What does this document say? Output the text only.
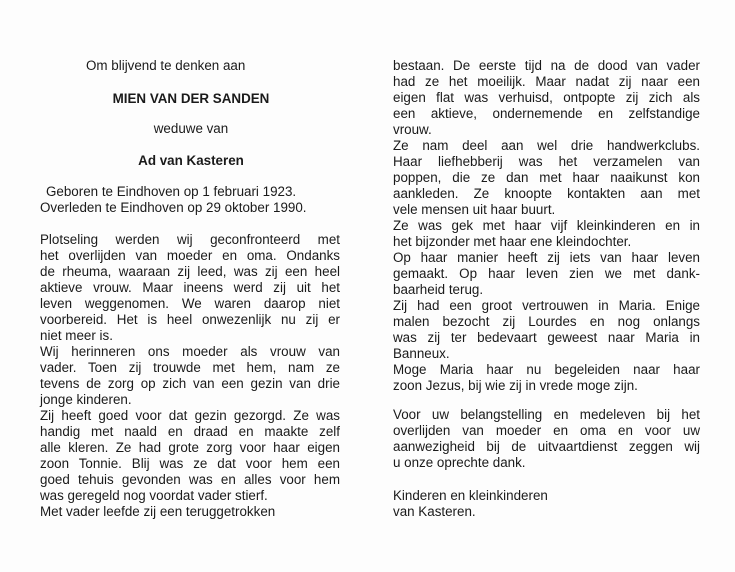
Om blijvend te denken aan
MIEN VAN DER SANDEN
weduwe van
Ad van Kasteren
Geboren te Eindhoven op 1 februari 1923.
Overleden te Eindhoven op 29 oktober 1990.
Plotseling werden wij geconfronteerd met
het overlijden van moeder en oma. Ondanks
de rheuma, waaraan zij leed, was zij een heel
aktieve vrouw. Maar ineens werd zij uit het
leven weggenomen. We waren daarop niet
voorbereid. Het is heel onwezenlijk nu zij er
niet meer is.
Wij herinneren ons moeder als vrouw van
vader. Toen zij trouwde met hem, nam ze
tevens de zorg op zich van een gezin van drie
jonge kinderen.
Zij heeft goed voor dat gezin gezorgd. Ze was
handig met naald en draad en maakte zelf
alle kleren. Ze had grote zorg voor haar eigen
zoon Tonnie. Blij was ze dat voor hem een
goed tehuis gevonden was en alles voor hem
was geregeld nog voordat vader stierf.
Met vader leefde zij een teruggetrokken
bestaan. De eerste tijd na de dood van vader
had ze het moeilijk. Maar nadat zij naar een
eigen flat was verhuisd, ontpopte zij zich als
een aktieve, ondernemende en zelfstandige
vrouw.
Ze nam deel aan wel drie handwerkclubs.
Haar liefhebberij was het verzamelen van
poppen, die ze dan met haar naaikunst kon
aankleden. Ze knoopte kontakten aan met
vele mensen uit haar buurt.
Ze was gek met haar vijf kleinkinderen en in
het bijzonder met haar ene kleindochter.
Op haar manier heeft zij iets van haar leven
gemaakt. Op haar leven zien we met dank-
baarheid terug.
Zij had een groot vertrouwen in Maria. Enige
malen bezocht zij Lourdes en nog onlangs
was zij ter bedevaart geweest naar Maria in
Banneux.
Moge Maria haar nu begeleiden naar haar
zoon Jezus, bij wie zij in vrede moge zijn.
Voor uw belangstelling en medeleven bij het
overlijden van moeder en oma en voor uw
aanwezigheid bij de uitvaartdienst zeggen wij
u onze oprechte dank.
Kinderen en kleinkinderen
van Kasteren.
